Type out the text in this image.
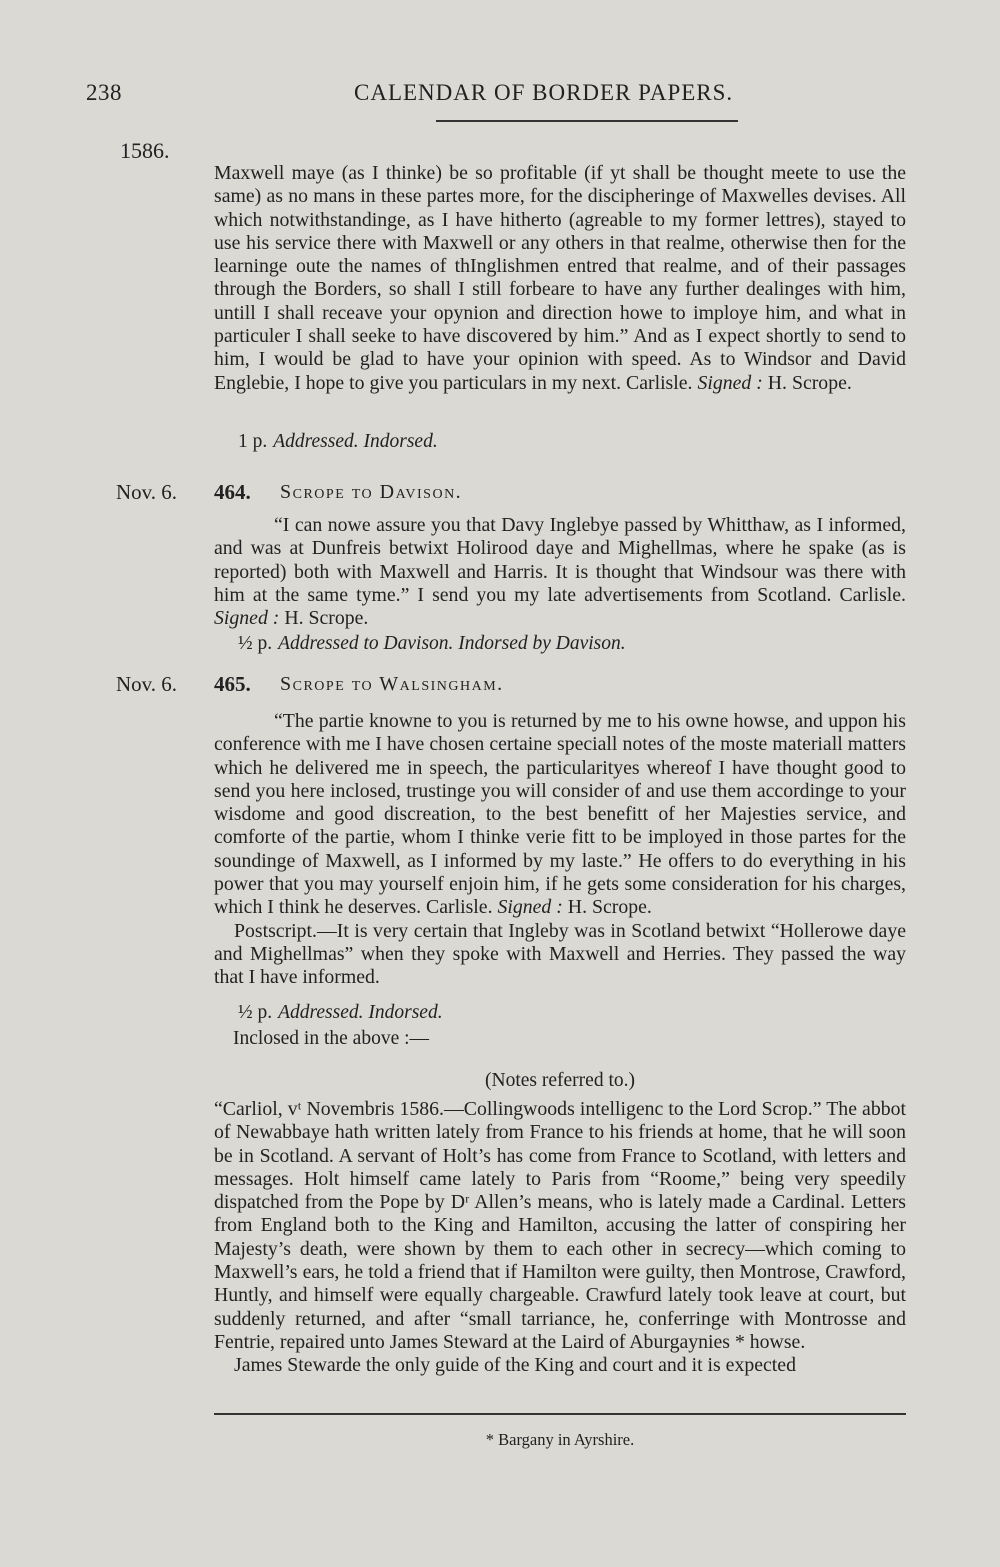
238	CALENDAR OF BORDER PAPERS.
1586.

Maxwell maye (as I thinke) be so profitable (if yt shall be thought meete to use the same) as no mans in these partes more, for the discipheringe of Maxwelles devises. All which notwithstandinge, as I have hitherto (agreable to my former lettres), stayed to use his service there with Maxwell or any others in that realme, otherwise then for the learninge oute the names of thInglishmen entred that realme, and of their passages through the Borders, so shall I still forbeare to have any further dealinges with him, untill I shall receave your opynion and direction howe to imploye him, and what in particuler I shall seeke to have discovered by him.” And as I expect shortly to send to him, I would be glad to have your opinion with speed. As to Windsor and David Englebie, I hope to give you particulars in my next. Carlisle. Signed : H. Scrope.

1 p. Addressed. Indorsed.
Nov. 6. 464. Scrope to Davison.

“I can nowe assure you that Davy Inglebye passed by Whitthaw, as I informed, and was at Dunfreis betwixt Holirood daye and Mighellmas, where he spake (as is reported) both with Maxwell and Harris. It is thought that Windsour was there with him at the same tyme.” I send you my late advertisements from Scotland. Carlisle. Signed : H. Scrope.

½ p. Addressed to Davison. Indorsed by Davison.
Nov. 6. 465. Scrope to Walsingham.

“The partie knowne to you is returned by me to his owne howse, and uppon his conference with me I have chosen certaine speciall notes of the moste materiall matters which he delivered me in speech, the particularityes whereof I have thought good to send you here inclosed, trustinge you will consider of and use them accordinge to your wisdome and good discreation, to the best benefitt of her Majesties service, and comforte of the partie, whom I thinke verie fitt to be imployed in those partes for the soundinge of Maxwell, as I informed by my laste.” He offers to do everything in his power that you may yourself enjoin him, if he gets some consideration for his charges, which I think he deserves. Carlisle. Signed : H. Scrope.

Postscript.—It is very certain that Ingleby was in Scotland betwixt “Hollerowe daye and Mighellmas” when they spoke with Maxwell and Herries. They passed the way that I have informed.

½ p. Addressed. Indorsed.
Inclosed in the above :—
(Notes referred to.)

“Carliol, vᵗ Novembris 1586.—Collingwoods intelligenc to the Lord Scrop.” The abbot of Newabbaye hath written lately from France to his friends at home, that he will soon be in Scotland. A servant of Holt’s has come from France to Scotland, with letters and messages. Holt himself came lately to Paris from “Roome,” being very speedily dispatched from the Pope by Dʳ Allen’s means, who is lately made a Cardinal. Letters from England both to the King and Hamilton, accusing the latter of conspiring her Majesty’s death, were shown by them to each other in secrecy—which coming to Maxwell’s ears, he told a friend that if Hamilton were guilty, then Montrose, Crawford, Huntly, and himself were equally chargeable. Crawfurd lately took leave at court, but suddenly returned, and after “small tarriance, he, conferringe with Montrosse and Fentrie, repaired unto James Steward at the Laird of Aburgaynies * howse.

James Stewarde the only guide of the King and court and it is expected

* Bargany in Ayrshire.
